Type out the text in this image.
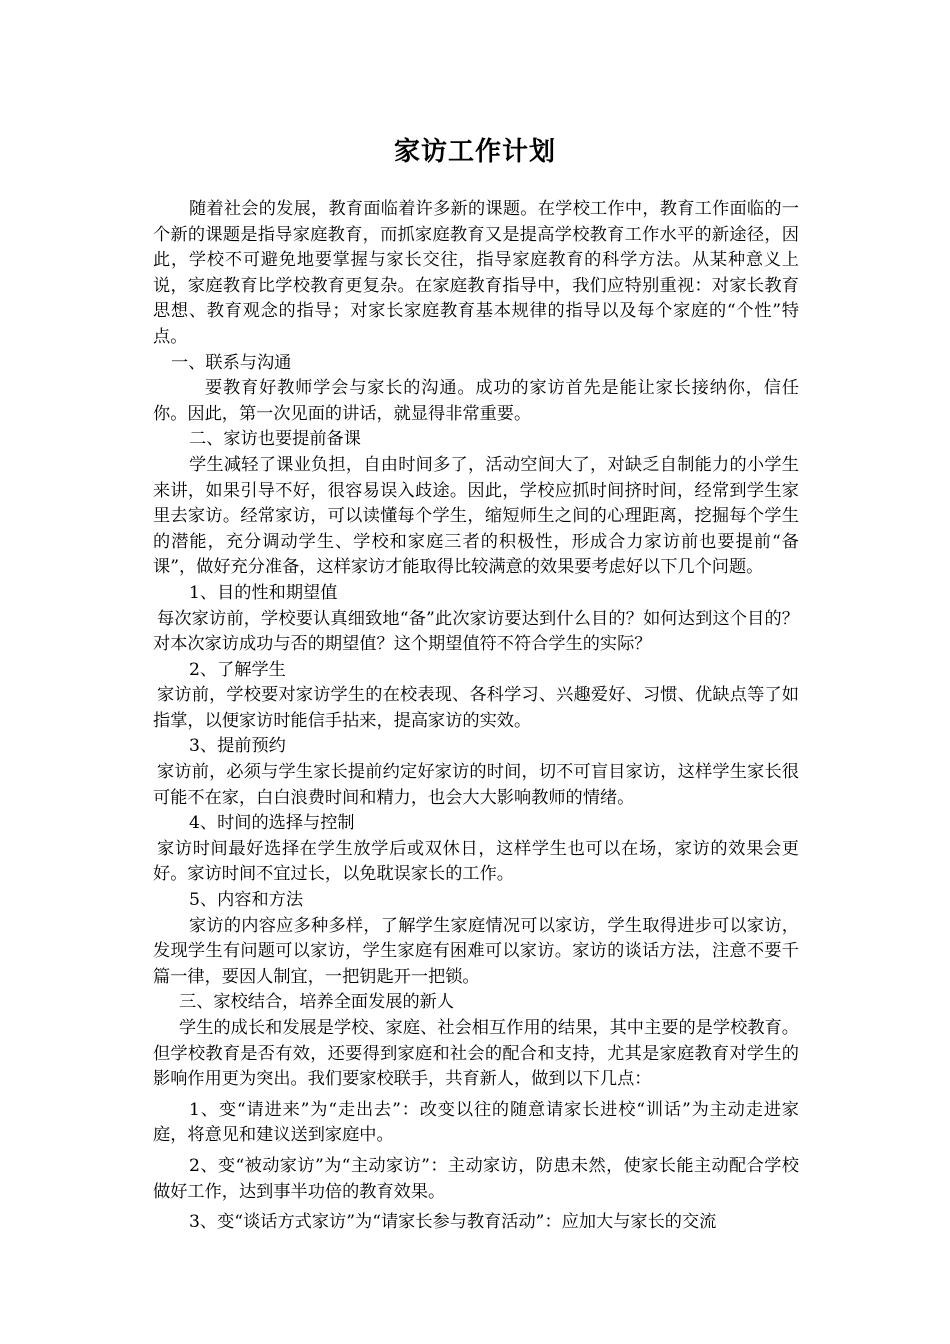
家访工作计划

随着社会的发展，教育面临着许多新的课题。在学校工作中，教育工作面临的一个新的课题是指导家庭教育，而抓家庭教育又是提高学校教育工作水平的新途径，因此，学校不可避免地要掌握与家长交往，指导家庭教育的科学方法。从某种意义上说，家庭教育比学校教育更复杂。在家庭教育指导中，我们应特别重视：对家长教育思想、教育观念的指导；对家长家庭教育基本规律的指导以及每个家庭的“个性”特点。

一、联系与沟通

要教育好教师学会与家长的沟通。成功的家访首先是能让家长接纳你，信任你。因此，第一次见面的讲话，就显得非常重要。

二、家访也要提前备课

学生减轻了课业负担，自由时间多了，活动空间大了，对缺乏自制能力的小学生来讲，如果引导不好，很容易误入歧途。因此，学校应抓时间挤时间，经常到学生家里去家访。经常家访，可以读懂每个学生，缩短师生之间的心理距离，挖掘每个学生的潜能，充分调动学生、学校和家庭三者的积极性，形成合力家访前也要提前“备课”，做好充分准备，这样家访才能取得比较满意的效果要考虑好以下几个问题。

1、目的性和期望值

每次家访前，学校要认真细致地“备”此次家访要达到什么目的？如何达到这个目的？对本次家访成功与否的期望值？这个期望值符不符合学生的实际？

2、了解学生

家访前，学校要对家访学生的在校表现、各科学习、兴趣爱好、习惯、优缺点等了如指掌，以便家访时能信手拈来，提高家访的实效。

3、提前预约

家访前，必须与学生家长提前约定好家访的时间，切不可盲目家访，这样学生家长很可能不在家，白白浪费时间和精力，也会大大影响教师的情绪。

4、时间的选择与控制

家访时间最好选择在学生放学后或双休日，这样学生也可以在场，家访的效果会更好。家访时间不宜过长，以免耽误家长的工作。

5、内容和方法

家访的内容应多种多样，了解学生家庭情况可以家访，学生取得进步可以家访，发现学生有问题可以家访，学生家庭有困难可以家访。家访的谈话方法，注意不要千篇一律，要因人制宜，一把钥匙开一把锁。

三、家校结合，培养全面发展的新人

学生的成长和发展是学校、家庭、社会相互作用的结果，其中主要的是学校教育。但学校教育是否有效，还要得到家庭和社会的配合和支持，尤其是家庭教育对学生的影响作用更为突出。我们要家校联手，共育新人，做到以下几点：

1、变“请进来”为“走出去”：改变以往的随意请家长进校“训话”为主动走进家庭，将意见和建议送到家庭中。

2、变“被动家访”为“主动家访”：主动家访，防患未然，使家长能主动配合学校做好工作，达到事半功倍的教育效果。

3、变“谈话方式家访”为“请家长参与教育活动”：应加大与家长的交流
